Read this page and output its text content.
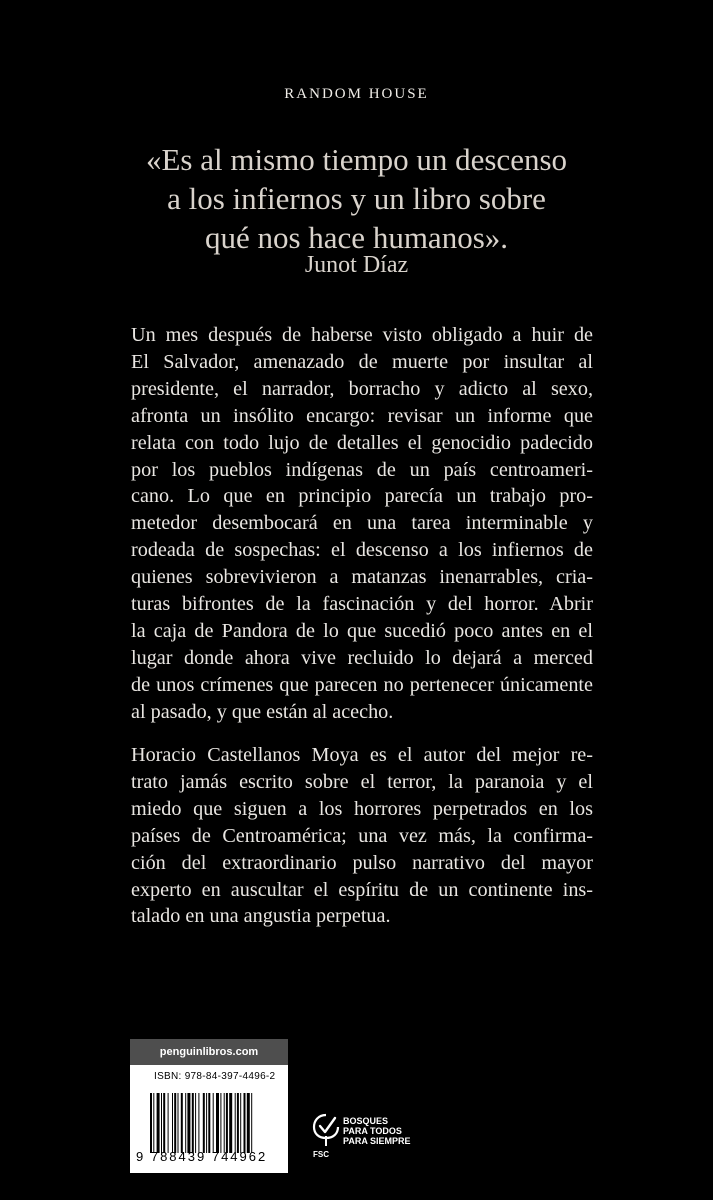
RANDOM HOUSE
«Es al mismo tiempo un descenso
a los infiernos y un libro sobre
qué nos hace humanos».
Junot Díaz

Un mes después de haberse visto obligado a huir de
El Salvador, amenazado de muerte por insultar al
presidente, el narrador, borracho y adicto al sexo,
afronta un insólito encargo: revisar un informe que
relata con todo lujo de detalles el genocidio padecido
por los pueblos indígenas de un país centroameri-
cano. Lo que en principio parecía un trabajo pro-
metedor desembocará en una tarea interminable y
rodeada de sospechas: el descenso a los infiernos de
quienes sobrevivieron a matanzas inenarrables, cria-
turas bifrontes de la fascinación y del horror. Abrir
la caja de Pandora de lo que sucedió poco antes en el
lugar donde ahora vive recluido lo dejará a merced
de unos crímenes que parecen no pertenecer únicamente
al pasado, y que están al acecho.

Horacio Castellanos Moya es el autor del mejor re-
trato jamás escrito sobre el terror, la paranoia y el
miedo que siguen a los horrores perpetrados en los
países de Centroamérica; una vez más, la confirma-
ción del extraordinario pulso narrativo del mayor
experto en auscultar el espíritu de un continente ins-
talado en una angustia perpetua.

penguinlibros.com
ISBN: 978-84-397-4496-2
9 788439 744962	FSC
BOSQUES
PARA TODOS
PARA SIEMPRE
